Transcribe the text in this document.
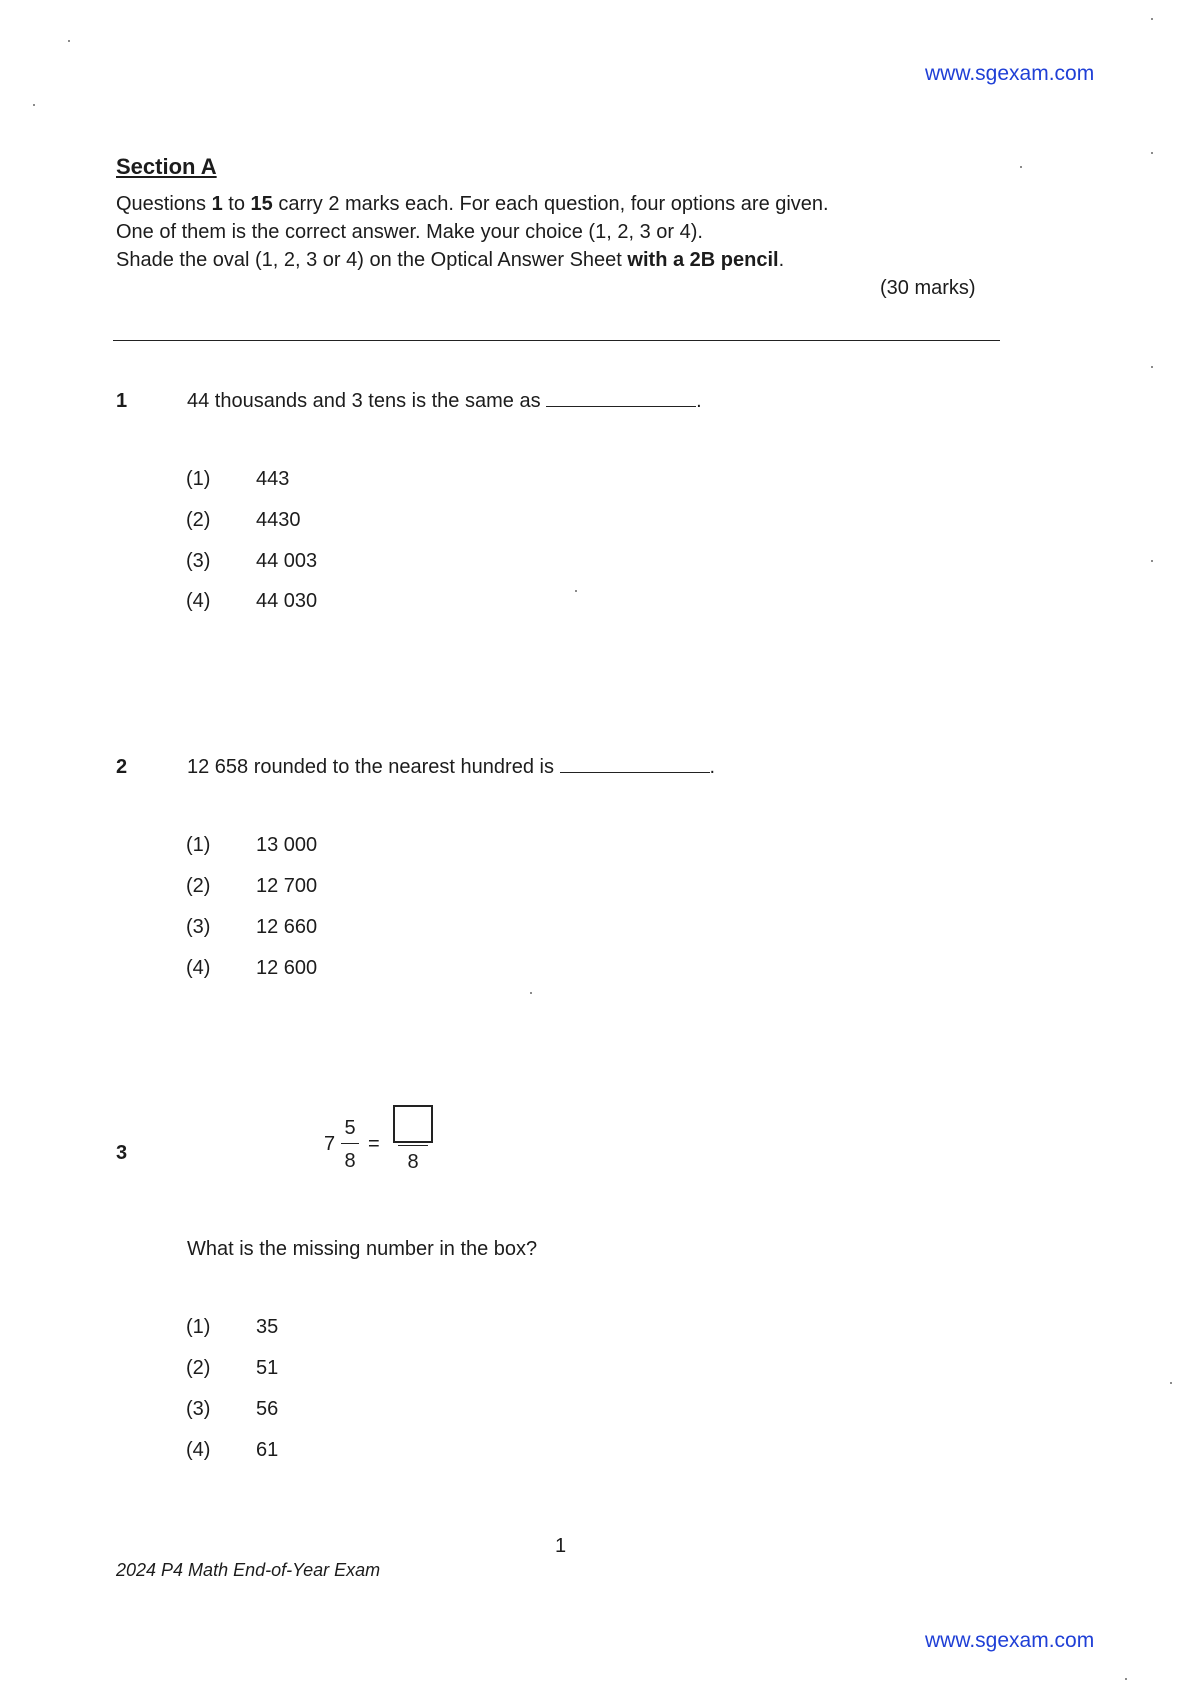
www.sgexam.com
Section A
Questions 1 to 15 carry 2 marks each. For each question, four options are given.
One of them is the correct answer. Make your choice (1, 2, 3 or 4).
Shade the oval (1, 2, 3 or 4) on the Optical Answer Sheet with a 2B pencil.
(30 marks)
1	44 thousands and 3 tens is the same as	.
(1) 443
(2) 4430
(3) 44 003
(4) 44 030
2	12 658 rounded to the nearest hundred is	.
(1) 13 000
(2) 12 700
(3) 12 660
(4) 12 600
3	7
5
8
=
8
What is the missing number in the box?
(1) 35
(2) 51
(3) 56
(4) 61
1
2024 P4 Math End-of-Year Exam
www.sgexam.com
